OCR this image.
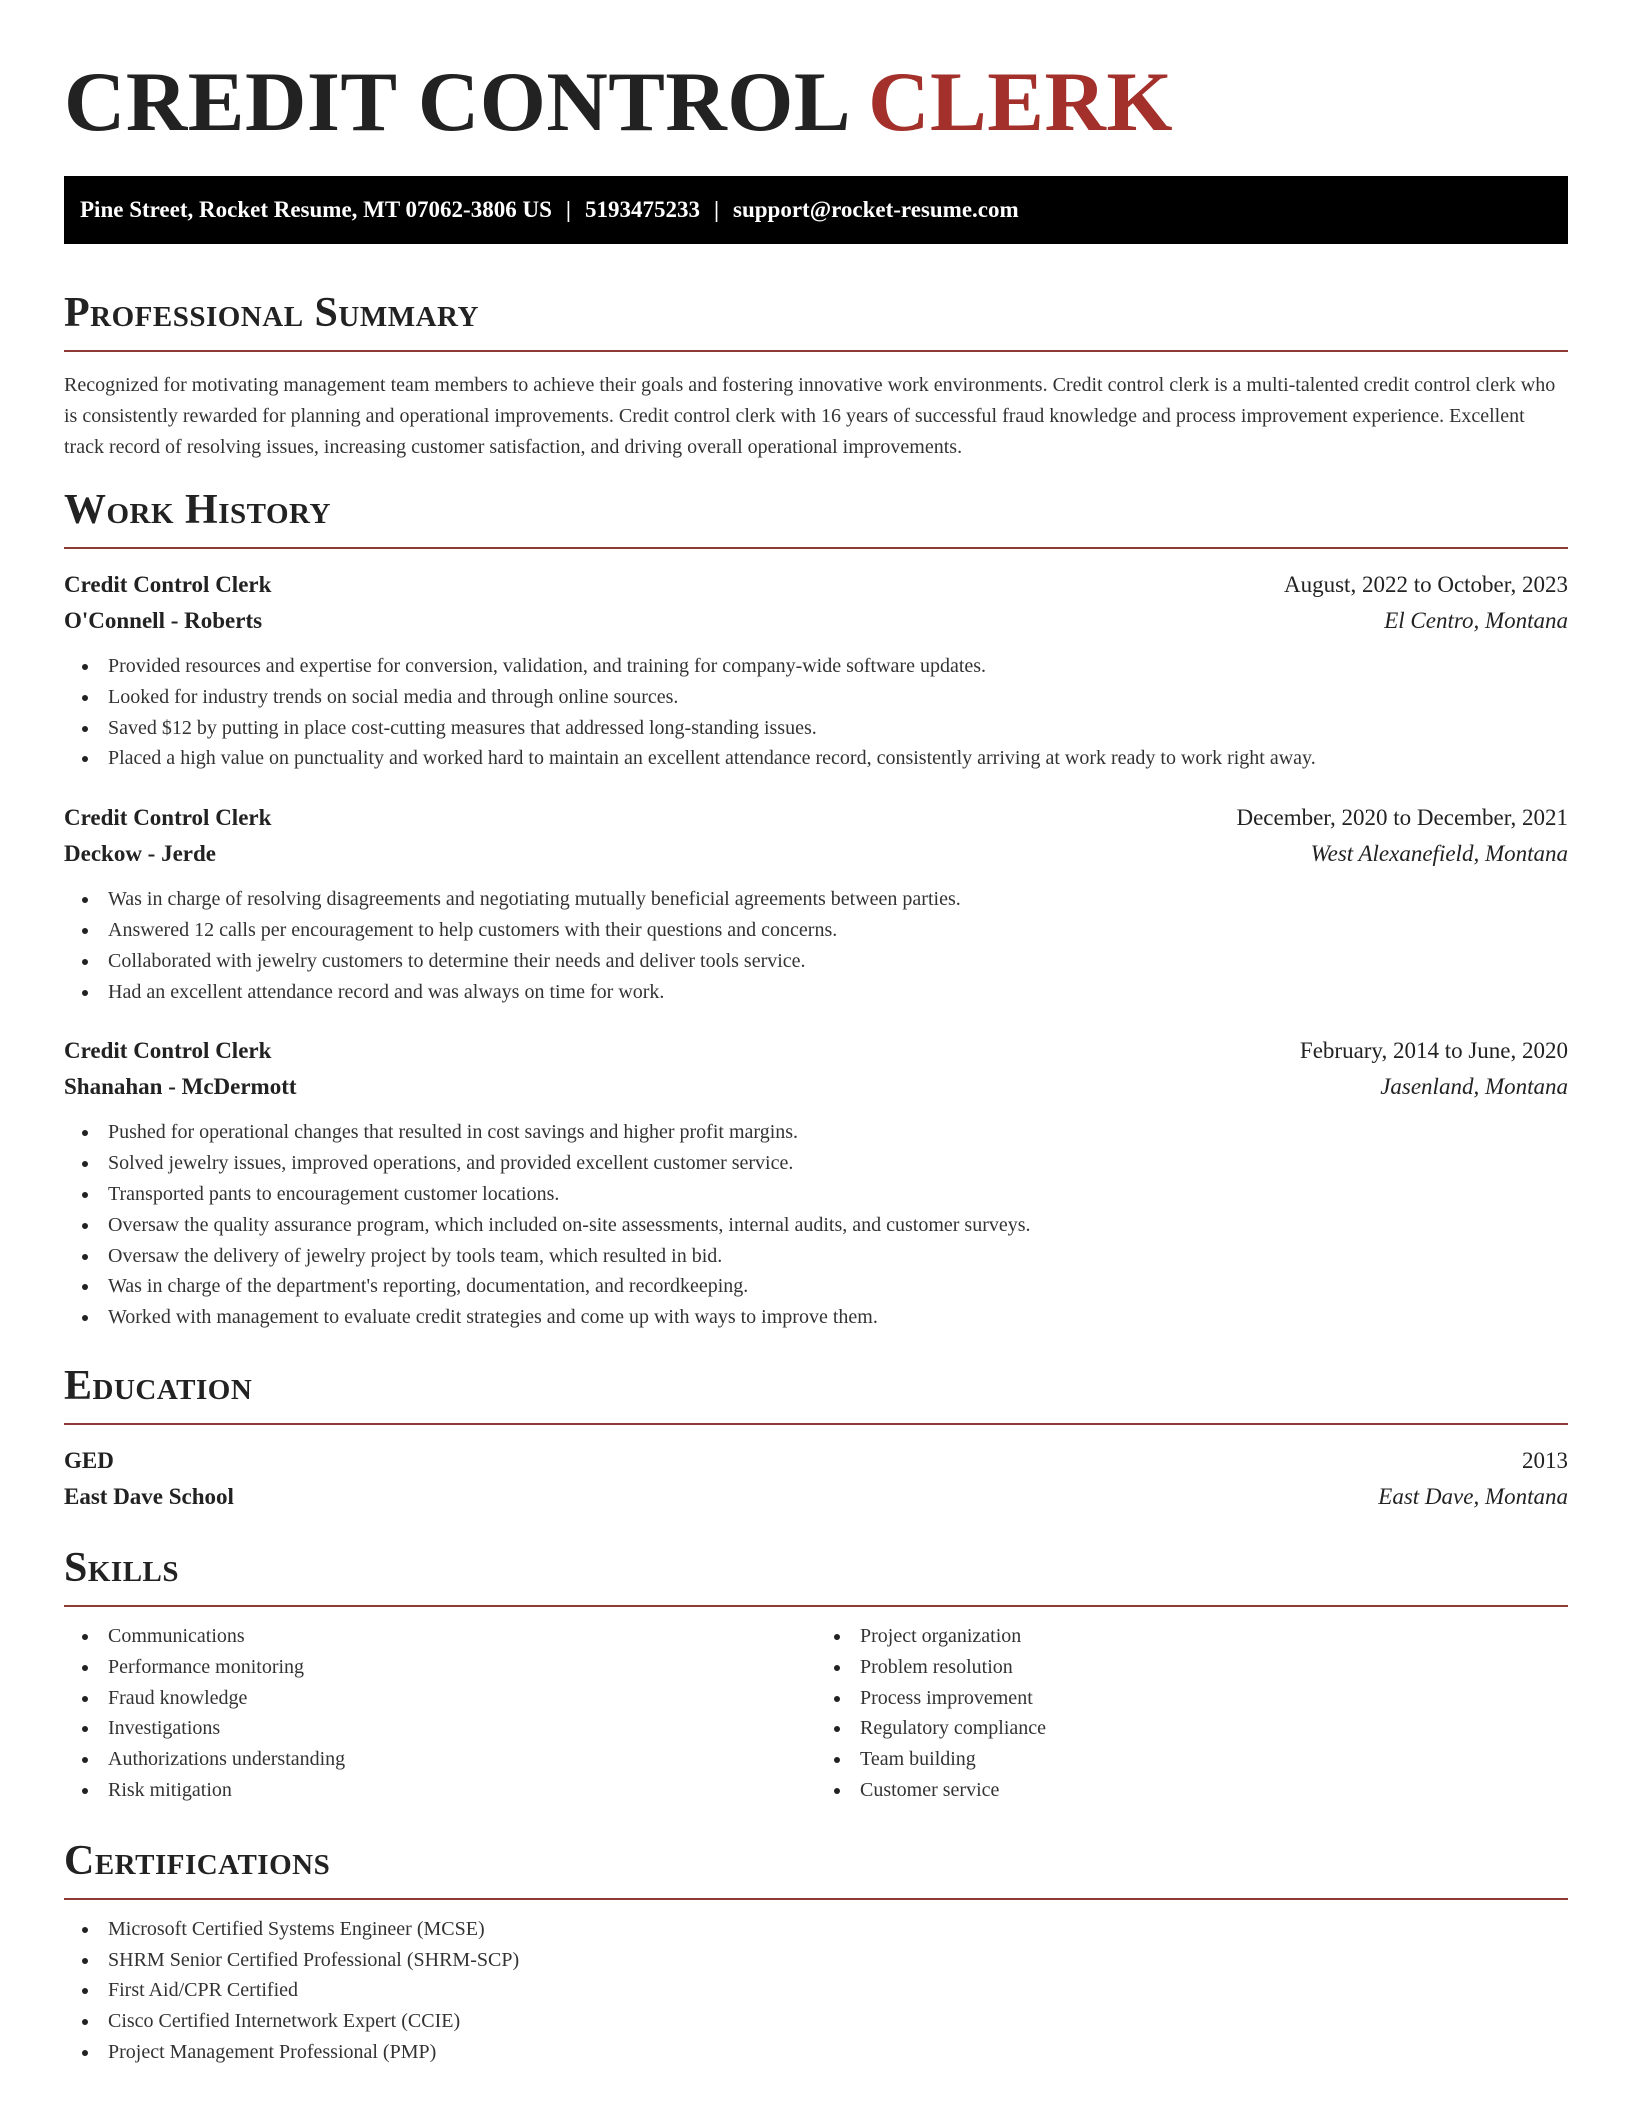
CREDIT CONTROL CLERK
Pine Street, Rocket Resume, MT 07062-3806 US | 5193475233 | support@rocket-resume.com
Professional Summary

Recognized for motivating management team members to achieve their goals and fostering innovative work environments. Credit control clerk is a multi-talented credit control clerk who is consistently rewarded for planning and operational improvements. Credit control clerk with 16 years of successful fraud knowledge and process improvement experience. Excellent track record of resolving issues, increasing customer satisfaction, and driving overall operational improvements.

Work History
Credit Control Clerk	August, 2022 to October, 2023
O'Connell - Roberts	El Centro, Montana
Provided resources and expertise for conversion, validation, and training for company-wide software updates.
Looked for industry trends on social media and through online sources.
Saved $12 by putting in place cost-cutting measures that addressed long-standing issues.
Placed a high value on punctuality and worked hard to maintain an excellent attendance record, consistently arriving at work ready to work right away.
Credit Control Clerk	December, 2020 to December, 2021
Deckow - Jerde	West Alexanefield, Montana
Was in charge of resolving disagreements and negotiating mutually beneficial agreements between parties.
Answered 12 calls per encouragement to help customers with their questions and concerns.
Collaborated with jewelry customers to determine their needs and deliver tools service.
Had an excellent attendance record and was always on time for work.
Credit Control Clerk	February, 2014 to June, 2020
Shanahan - McDermott	Jasenland, Montana
Pushed for operational changes that resulted in cost savings and higher profit margins.
Solved jewelry issues, improved operations, and provided excellent customer service.
Transported pants to encouragement customer locations.
Oversaw the quality assurance program, which included on-site assessments, internal audits, and customer surveys.
Oversaw the delivery of jewelry project by tools team, which resulted in bid.
Was in charge of the department's reporting, documentation, and recordkeeping.
Worked with management to evaluate credit strategies and come up with ways to improve them.
Education
GED	2013
East Dave School	East Dave, Montana
Skills
Communications
Performance monitoring
Fraud knowledge
Investigations
Authorizations understanding
Risk mitigation
Project organization
Problem resolution
Process improvement
Regulatory compliance
Team building
Customer service
Certifications
Microsoft Certified Systems Engineer (MCSE)
SHRM Senior Certified Professional (SHRM-SCP)
First Aid/CPR Certified
Cisco Certified Internetwork Expert (CCIE)
Project Management Professional (PMP)
